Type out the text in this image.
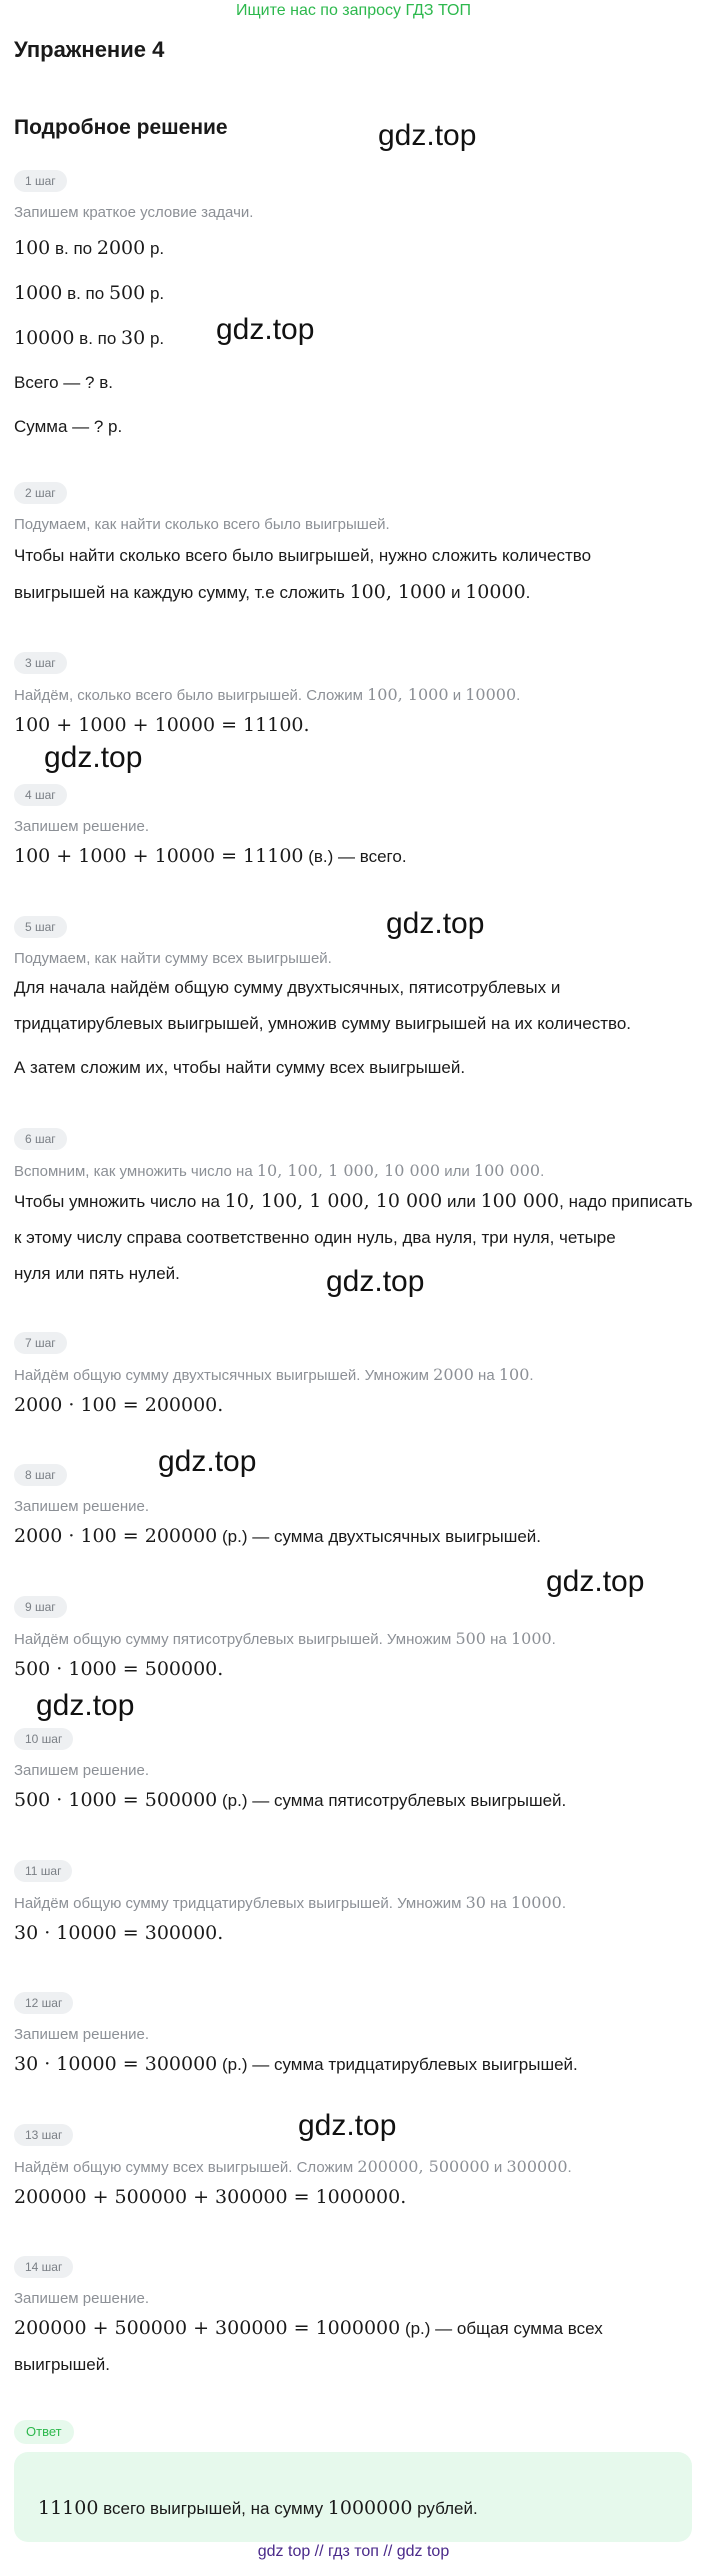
Ищите нас по запросу ГДЗ ТОП
Упражнение 4
Подробное решение	gdz.top
gdz.top
gdz.top
gdz.top
gdz.top
gdz.top
gdz.top
gdz.top
gdz.top
1 шаг
Запишем краткое условие задачи.
100 в. по 2000 р.
1000 в. по 500 р.
10000 в. по 30 р.
Всего — ? в.
Сумма — ? р.
2 шаг
Подумаем, как найти сколько всего было выигрышей.
Чтобы найти сколько всего было выигрышей, нужно сложить количество
выигрышей на каждую сумму, т.е сложить 100, 1000 и 10000.
3 шаг
Найдём, сколько всего было выигрышей. Сложим 100, 1000 и 10000.
100 + 1000 + 10000 = 11100.
4 шаг
Запишем решение.
100 + 1000 + 10000 = 11100 (в.) — всего.
5 шаг
Подумаем, как найти сумму всех выигрышей.
Для начала найдём общую сумму двухтысячных, пятисотрублевых и
тридцатирублевых выигрышей, умножив сумму выигрышей на их количество.
А затем сложим их, чтобы найти сумму всех выигрышей.
6 шаг
Вспомним, как умножить число на 10, 100, 1 000, 10 000 или 100 000.
Чтобы умножить число на 10, 100, 1 000, 10 000 или 100 000, надо приписать
к этому числу справа соответственно один нуль, два нуля, три нуля, четыре
нуля или пять нулей.
7 шаг
Найдём общую сумму двухтысячных выигрышей. Умножим 2000 на 100.
2000 · 100 = 200000.
8 шаг
Запишем решение.
2000 · 100 = 200000 (р.) — сумма двухтысячных выигрышей.
9 шаг
Найдём общую сумму пятисотрублевых выигрышей. Умножим 500 на 1000.
500 · 1000 = 500000.
10 шаг
Запишем решение.
500 · 1000 = 500000 (р.) — сумма пятисотрублевых выигрышей.
11 шаг
Найдём общую сумму тридцатирублевых выигрышей. Умножим 30 на 10000.
30 · 10000 = 300000.
12 шаг
Запишем решение.
30 · 10000 = 300000 (р.) — сумма тридцатирублевых выигрышей.
13 шаг
Найдём общую сумму всех выигрышей. Сложим 200000, 500000 и 300000.
200000 + 500000 + 300000 = 1000000.
14 шаг
Запишем решение.
200000 + 500000 + 300000 = 1000000 (р.) — общая сумма всех
выигрышей.
Ответ
11100 всего выигрышей, на сумму 1000000 рублей.
gdz top // гдз топ // gdz top
